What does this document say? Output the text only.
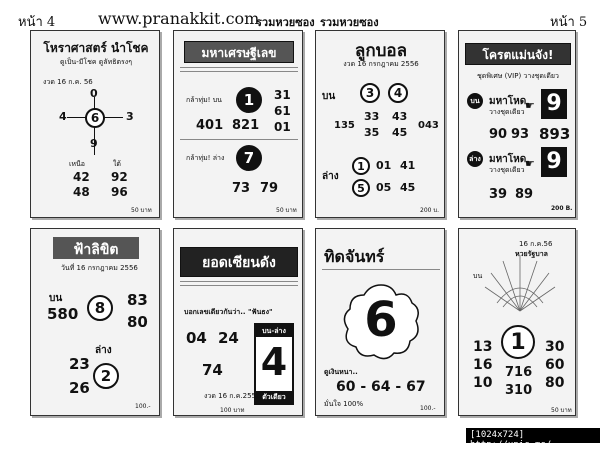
หน้า 4	www.pranakkit.com
รวมหวยซอง รวมหวยซอง	หน้า 5
โหราศาสตร์ นำโชค
ดูเป็น-มีโชค ดูลัทธิตรงๆ
งวด 16 ก.ค. 56
0
4	6	3
9
เหนือ	ใต้
42 92
48 96
50 บาท
มหาเศรษฐีเลข
กล้าทุ่ม! บน	1	31
61
01
401 821
กล้าทุ่ม! ล่าง	7
73 79
50 บาท
ลูกบอล
งวด 16 กรกฎาคม 2556
บน	3	4
135
33 43
043
35 45
ล่าง
1
5
01 41
05 45
200 บ.
โครตแม่นจัง!
ชุดพิเศษ (VIP) วางชุดเดียว
บน มหาโหด
วางชุดเดียว ☛ 9
90 93 893
ล่าง มหาโหด
วางชุดเดียว ☛ 9
39 89
200 B.
ฟ้าลิขิต
วันที่ 16 กรกฎาคม 2556
บน
580	8	83
80
ล่าง
23
26
2
100.-
ยอดเซียนดัง
บอกเลขเดียวกันว่า.. "ฟันธง"
04 24
74
บน-ล่าง
4
ตัวเดียว
งวด 16 ก.ค.2556
100 บาท
ทิดจันทร์
6
ดูเงินหนา..
60 - 64 - 67
มั่นใจ 100%
100.-
16 ก.ค.56
หวยรัฐบาล
บน
1
13
16
10
30
60
80
716
310
50 บาท
[1024x724] http://upic.me/
